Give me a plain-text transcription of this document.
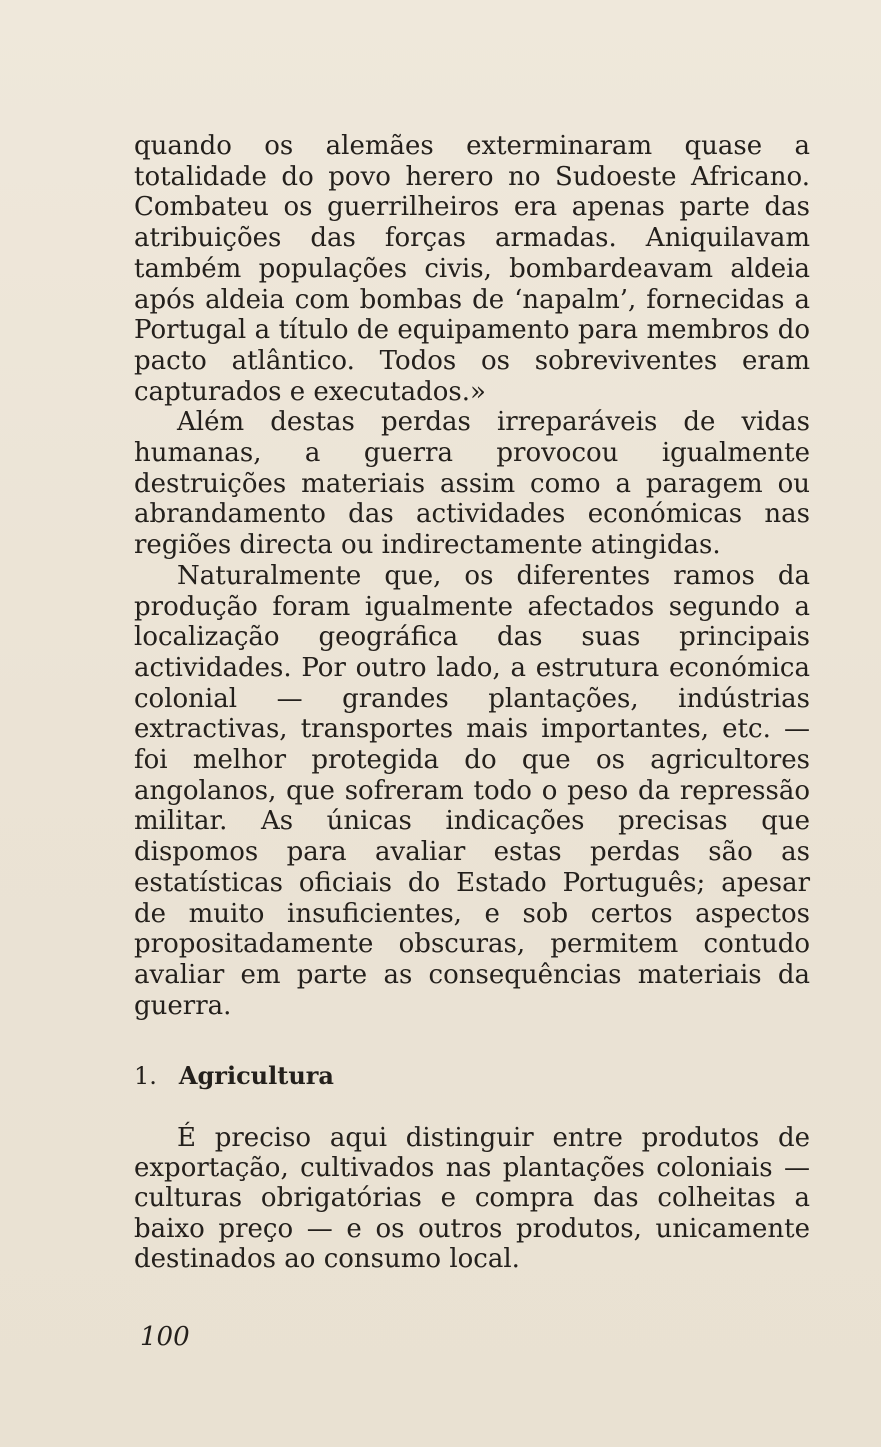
quando os alemães exterminaram quase a totalidade do povo herero no Sudoeste Africano. Combateu os guerrilheiros era apenas parte das atribuições das forças armadas. Aniquilavam também populações civis, bombardeavam aldeia após aldeia com bombas de ‘napalm’, fornecidas a Portugal a título de equipamento para membros do pacto atlântico. Todos os sobreviventes eram capturados e executados.»

Além destas perdas irreparáveis de vidas humanas, a guerra provocou igualmente destruições materiais assim como a paragem ou abrandamento das actividades económicas nas regiões directa ou indirectamente atingidas.

Naturalmente que, os diferentes ramos da produção foram igualmente afectados segundo a localização geográfica das suas principais actividades. Por outro lado, a estrutura económica colonial — grandes plantações, indústrias extractivas, transportes mais importantes, etc. — foi melhor protegida do que os agricultores angolanos, que sofreram todo o peso da repressão militar. As únicas indicações precisas que dispomos para avaliar estas perdas são as estatísticas oficiais do Estado Português; apesar de muito insuficientes, e sob certos aspectos propositadamente obscuras, permitem contudo avaliar em parte as consequências materiais da guerra.

1. Agricultura

É preciso aqui distinguir entre produtos de exportação, cultivados nas plantações coloniais — culturas obrigatórias e compra das colheitas a baixo preço — e os outros produtos, unicamente destinados ao consumo local.

100
